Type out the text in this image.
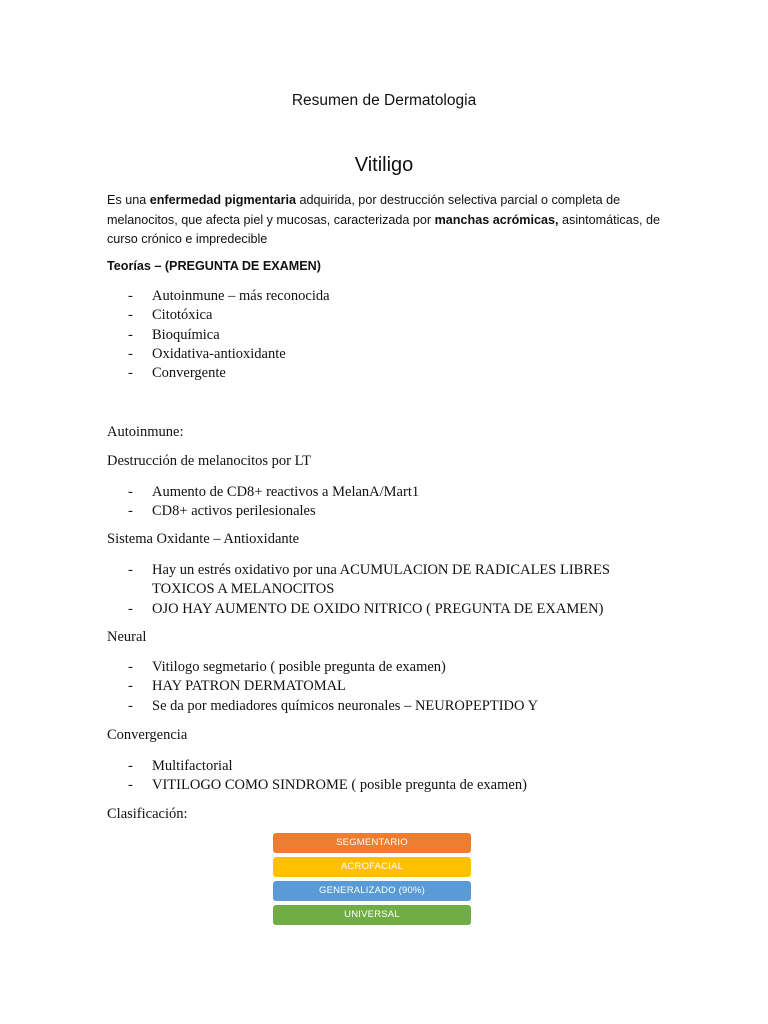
Resumen de Dermatologia
Vitiligo
Es una enfermedad pigmentaria adquirida, por destrucción selectiva parcial o completa de melanocitos, que afecta piel y mucosas, caracterizada por manchas acrómicas, asintomáticas, de curso crónico e impredecible
Teorías – (PREGUNTA DE EXAMEN)
- Autoinmune – más reconocida
- Citotóxica
- Bioquímica
- Oxidativa-antioxidante
- Convergente
Autoinmune:
Destrucción de melanocitos por LT
- Aumento de CD8+ reactivos a MelanA/Mart1
- CD8+ activos perilesionales
Sistema Oxidante – Antioxidante
- Hay un estrés oxidativo por una ACUMULACION DE RADICALES LIBRES TOXICOS A MELANOCITOS
- OJO HAY AUMENTO DE OXIDO NITRICO ( PREGUNTA DE EXAMEN)
Neural
- Vitilogo segmetario ( posible pregunta de examen)
- HAY PATRON DERMATOMAL
- Se da por mediadores químicos neuronales – NEUROPEPTIDO Y
Convergencia
- Multifactorial
- VITILOGO COMO SINDROME ( posible pregunta de examen)
Clasificación:
SEGMENTARIO
ACROFACIAL
GENERALIZADO (90%)
UNIVERSAL
